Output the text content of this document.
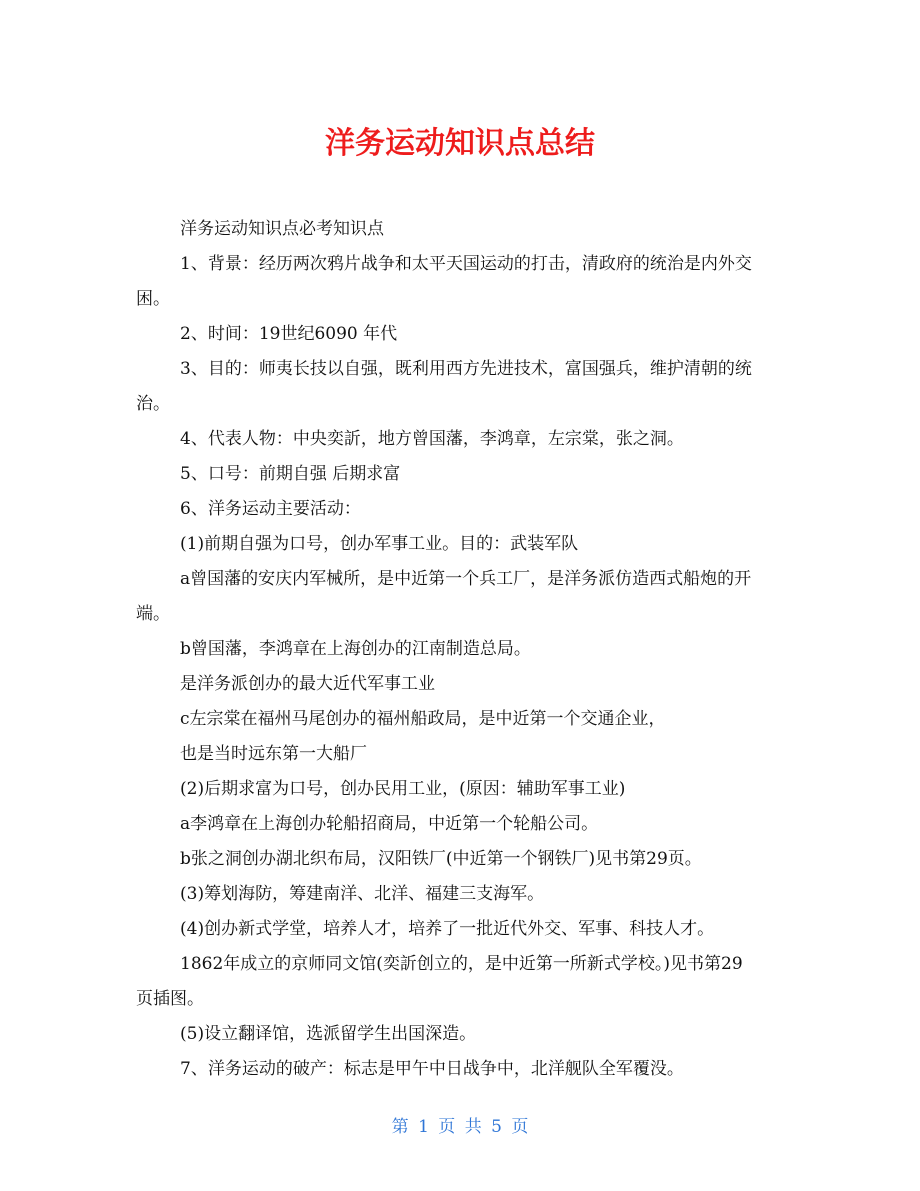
洋务运动知识点总结
洋务运动知识点必考知识点
1、背景：经历两次鸦片战争和太平天国运动的打击，清政府的统治是内外交
困。
2、时间：19世纪6090 年代
3、目的：师夷长技以自强，既利用西方先进技术，富国强兵，维护清朝的统
治。
4、代表人物：中央奕訢，地方曾国藩，李鸿章，左宗棠，张之洞。
5、口号：前期自强 后期求富
6、洋务运动主要活动：
(1)前期自强为口号，创办军事工业。目的：武装军队
a曾国藩的安庆内军械所，是中近第一个兵工厂，是洋务派仿造西式船炮的开
端。
b曾国藩，李鸿章在上海创办的江南制造总局。
是洋务派创办的最大近代军事工业
c左宗棠在福州马尾创办的福州船政局，是中近第一个交通企业，
也是当时远东第一大船厂
(2)后期求富为口号，创办民用工业，(原因：辅助军事工业)
a李鸿章在上海创办轮船招商局，中近第一个轮船公司。
b张之洞创办湖北织布局，汉阳铁厂(中近第一个钢铁厂)见书第29页。
(3)筹划海防，筹建南洋、北洋、福建三支海军。
(4)创办新式学堂，培养人才，培养了一批近代外交、军事、科技人才。
1862年成立的京师同文馆(奕訢创立的，是中近第一所新式学校。)见书第29
页插图。
(5)设立翻译馆，选派留学生出国深造。
7、洋务运动的破产：标志是甲午中日战争中，北洋舰队全军覆没。
第 1 页 共 5 页
